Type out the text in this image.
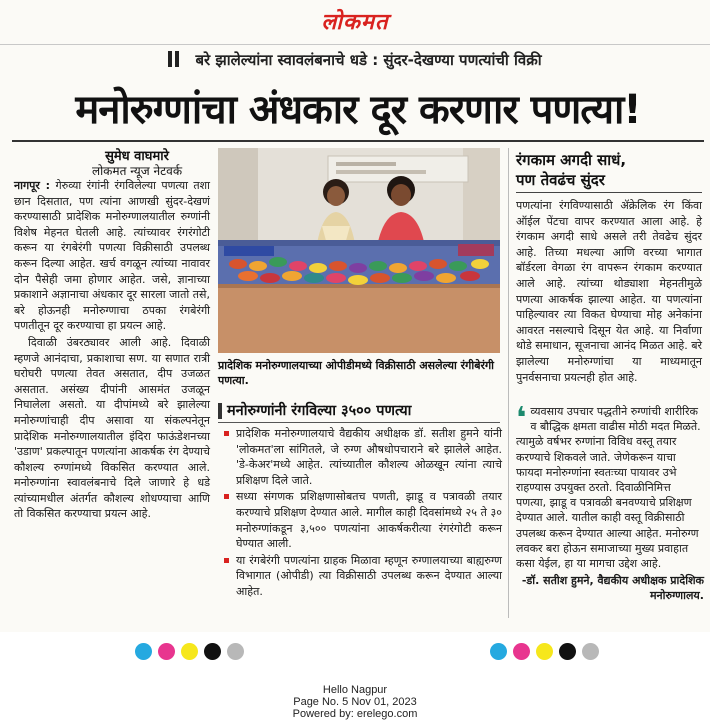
लोकमत
बरे झालेल्यांना स्वावलंबनाचे धडे : सुंदर-देखण्या पणत्यांची विक्री
मनोरुग्णांचा अंधकार दूर करणार पणत्या!
सुमेध वाघमारे
लोकमत न्यूज नेटवर्क

नागपूर : गेरुव्या रंगांनी रंगविलेल्या पणत्या तशा छान दिसतात, पण त्यांना आणखी सुंदर-देखणं करण्यासाठी प्रादेशिक मनोरुग्णालयातील रुग्णांनी विशेष मेहनत घेतली आहे. त्यांच्यावर रंगरंगोटी करून या रंगबेरंगी पणत्या विक्रीसाठी उपलब्ध करून दिल्या आहेत. खर्च वगळून त्यांच्या नावावर दोन पैसेही जमा होणार आहेत. जसे, ज्ञानाच्या प्रकाशाने अज्ञानाचा अंधकार दूर सारला जातो तसे, बरे होऊनही मनोरुग्णाचा ठपका रंगबेरंगी पणतीतून दूर करण्याचा हा प्रयत्न आहे.

दिवाळी उंबरठ्यावर आली आहे. दिवाळी म्हणजे आनंदाचा, प्रकाशाचा सण. या सणात रात्री घरोघरी पणत्या तेवत असतात, दीप उजळत असतात. असंख्य दीपांनी आसमंत उजळून निघालेला असतो. या दीपांमध्ये बरे झालेल्या मनोरुग्णांचाही दीप असावा या संकल्पनेतून प्रादेशिक मनोरुग्णालयातील इंदिरा फाऊंडेशनच्या 'उडाण' प्रकल्पातून पणत्यांना आकर्षक रंग देण्याचे कौशल्य रुग्णांमध्ये विकसित करण्यात आले. मनोरुग्णांना स्वावलंबनाचे दिले जाणारे हे धडे त्यांच्यामधील अंतर्गत कौशल्य शोधण्याचा आणि तो विकसित करण्याचा प्रयत्न आहे.

प्रादेशिक मनोरुग्णालयाच्या ओपीडीमध्ये विक्रीसाठी असलेल्या रंगीबेरंगी पणत्या.
मनोरुग्णांनी रंगविल्या ३५०० पणत्या
प्रादेशिक मनोरुग्णालयाचे वैद्यकीय अधीक्षक डॉ. सतीश हुमने यांनी 'लोकमत'ला सांगितले, जे रुग्ण औषधोपचाराने बरे झालेले आहेत. 'डे-केअर'मध्ये आहेत. त्यांच्यातील कौशल्य ओळखून त्यांना त्याचे प्रशिक्षण दिले जाते.
सध्या संगणक प्रशिक्षणासोबतच पणती, झाडू व पत्रावळी तयार करण्याचे प्रशिक्षण देण्यात आले. मागील काही दिवसांमध्ये २५ ते ३० मनोरुग्णांकडून ३,५०० पणत्यांना आकर्षकरीत्या रंगरंगोटी करून घेण्यात आली.
या रंगबेरंगी पणत्यांना ग्राहक मिळावा म्हणून रुग्णालयाच्या बाह्यरुग्ण विभागात (ओपीडी) त्या विक्रीसाठी उपलब्ध करून देण्यात आल्या आहेत.
रंगकाम अगदी साधं,
पण तेवढंच सुंदर

पणत्यांना रंगविण्यासाठी ॲक्रेलिक रंग किंवा ऑईल पेंटचा वापर करण्यात आला आहे. हे रंगकाम अगदी साधे असले तरी तेवढेच सुंदर आहे. तिच्या मधल्या आणि वरच्या भागात बॉर्डरला वेगळा रंग वापरून रंगकाम करण्यात आले आहे. त्यांच्या थोड्याशा मेहनतीमुळे पणत्या आकर्षक झाल्या आहेत. या पणत्यांना पाहिल्यावर त्या विकत घेण्याचा मोह अनेकांना आवरत नसल्याचे दिसून येत आहे. या निर्वाणा थोडे समाधान, सूजनाचा आनंद मिळत आहे. बरे झालेल्या मनोरुग्णांचा या माध्यमातून पुनर्वसनाचा प्रयत्नही होत आहे.

❛ व्यवसाय उपचार पद्धतीने रुग्णांची शारीरिक व बौद्धिक क्षमता वाढीस मोठी मदत मिळते. त्यामुळे वर्षभर रुग्णांना विविध वस्तू तयार करण्याचे शिकवले जाते. जेणेकरून याचा फायदा मनोरुग्णांना स्वतःच्या पायावर उभे राहण्यास उपयुक्त ठरतो. दिवाळीनिमित्त पणत्या, झाडू व पत्रावळी बनवण्याचे प्रशिक्षण देण्यात आले. यातील काही वस्तू विक्रीसाठी उपलब्ध करून देण्यात आल्या आहेत. मनोरुग्ण लवकर बरा होऊन समाजाच्या मुख्य प्रवाहात कसा येईल, हा या मागचा उद्देश आहे.
-डॉ. सतीश हुमने, वैद्यकीय अधीक्षक प्रादेशिक मनोरुग्णालय.
Hello Nagpur
Page No. 5 Nov 01, 2023
Powered by: erelego.com
